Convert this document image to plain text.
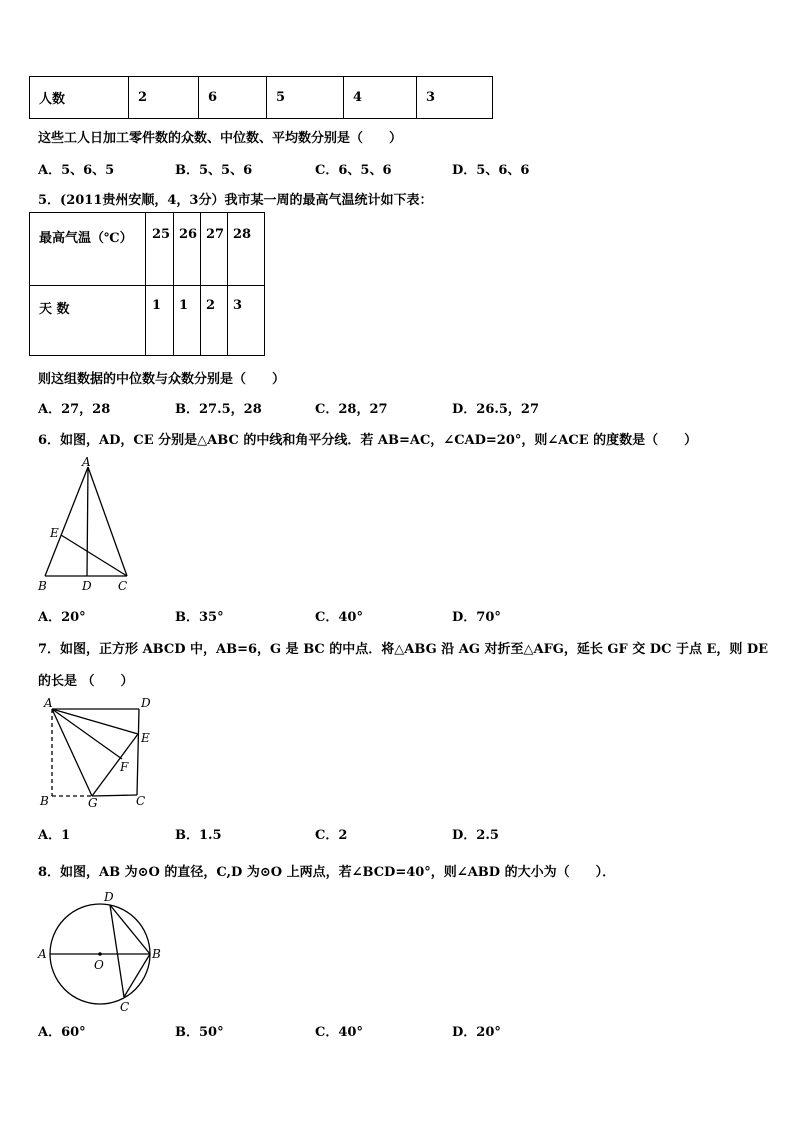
人数	2	6	5	4	3
这些工人日加工零件数的众数、中位数、平均数分别是（　　）
A．5、6、5	B．5、5、6	C．6、5、6	D．5、6、6
5．(2011贵州安顺，4，3分）我市某一周的最高气温统计如下表：
最高气温（℃）	25	26	27	28
天 数	1	1	2	3
则这组数据的中位数与众数分别是（　　）
A．27，28	B．27.5，28	C．28，27	D．26.5，27
6．如图，AD，CE 分别是△ABC 的中线和角平分线．若 AB=AC，∠CAD=20°，则∠ACE 的度数是（　　）
A
E
B	D C
A．20°	B．35°	C．40°	D．70°
7．如图，正方形 ABCD 中，AB=6，G 是 BC 的中点．将△ABG 沿 AG 对折至△AFG，延长 GF 交 DC 于点 E，则 DE
的长是 （　　）
A	D
E
F
B	G	C
A．1	B．1.5	C．2	D．2.5
8．如图，AB 为⊙O 的直径，C,D 为⊙O 上两点，若∠BCD=40°，则∠ABD 的大小为（　　）．
D
A
O
B
C
A．60°	B．50°	C．40°	D．20°
